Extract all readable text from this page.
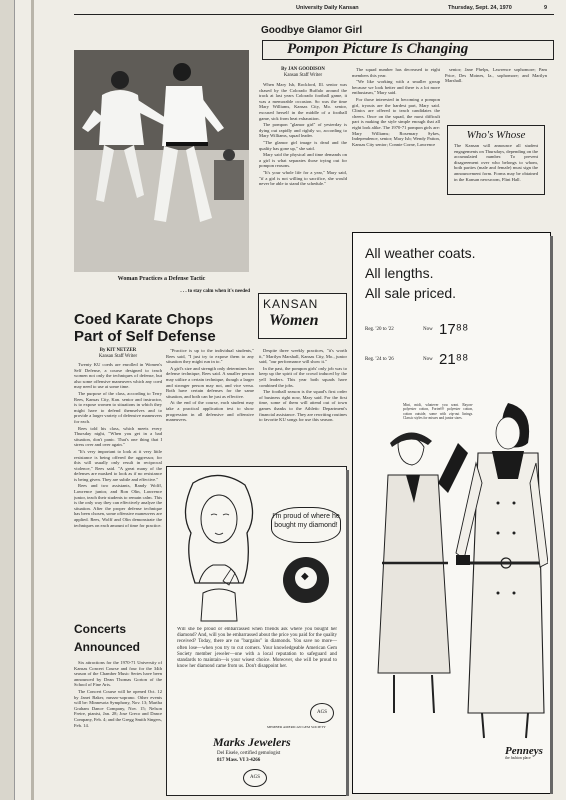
University Daily Kansan	Thursday, Sept. 24, 1970	9
Woman Practices a Defense Tactic
. . . to stay calm when it's needed
Goodbye Glamor Girl
Pompon Picture Is Changing
By JAN GOODISON
Kansan Staff Writer

When Mary Isb, Rockford, Ill. senior was chased by the Colorado Buffalo around the track at last years Colorado football game, it was a memorable occasion. So was the time Mary Williams, Kansas City, Mo. senior, excused herself in the middle of a football game, sick from heat exhaustion.

The pompon "glamor girl" of yesterday is dying out rapidly and rightly so, according to Mary Williams, squad leader.

"The glamor girl image is dead and the quality has gone up," she said.

Mary said the physical and time demands on a girl is what separates those trying out for pompon reasons.

"It's your whole life for a year," Mary said, "if a girl is not willing to sacrifice, she would never be able to stand the schedule."

The squad number has decreased to eight members this year.

"We like working with a smaller group because we look better and there is a lot more enthusiasm," Mary said.

For those interested in becoming a pompon girl, tryouts are the hardest part, Mary said. Clinics are offered to teach candidates the cheers. Once on the squad, the most difficult part is making the style simple enough that all eight look alike. The 1970-71 pompon girls are: Mary Williams; Rosemary Sykes, Independence, senior; Mary Isb; Wendy Patton, Kansas City senior; Connie Corne, Lawrence

senior; Jane Phelps, Lawrence sophomore; Pam Price, Des Moines, Ia., sophomore; and Marilyn Marshall.

Who's Whose
The Kansan will announce all student engagements on Thursdays, depending on the accumulated number. To prevent disagreement over who belongs to whom, both parties (male and female) must sign the announcement form. Forms may be obtained in the Kansan newsroom, Flint Hall.
KANSAN
Women

Despite three weekly practices, "it's worth it," Marilyn Marshall, Kansas City, Mo., junior said, "our performance will show it."

In the past, the pompon girls' only job was to keep up the spirit of the crowd induced by the yell leaders. This year both squads have combined the jobs.

The football season is the squad's first order of business right now, Mary said. For the first time, some of them will attend out of town games thanks to the Athletic Department's financial assistance. They are rewriting routines to favorite KU songs for use this season.

Coed Karate Chops
Part of Self Defense
By KIT NETZER
Kansan Staff Writer

Twenty KU coeds are enrolled in Women's Self Defense, a course designed to teach women not only the techniques of defense, but also some offensive maneuvers which any coed may need to use at some time.

The purpose of the class, according to Terry Rees, Kansas City, Kan. senior and instructor, is to expose women to situations in which they might have to defend themselves and to provide a larger variety of defensive maneuvers for each.

Rees told his class, which meets every Thursday night, "When you get in a bad situation, don't panic. That's one thing that I stress over and over again."

"It's very important to look at it very little resistance is being offered the aggressor, for this will usually only result in reciprocal violence," Rees said. "A great many of the defenses are masked to look as if no resistance is being given. They are subtle and effective."

Rees and two assistants, Randy Wolff, Lawrence junior, and Ron Olin, Lawrence junior, teach their students to remain calm. This is the only way they can effectively analyze the situation. After the proper defense technique has been chosen, some offensive maneuvers are applied. Rees, Wolff and Olin demonstrate the techniques on each amount of time for practice.

"Practice is up to the individual students," Rees said, "I just try to expose them to any situation they might run in to."

A girl's size and strength only determines her defense technique, Rees said. A smaller person may utilize a certain technique, though a larger and stronger person may not, and vice versa. Both have certain defenses for the same situation, and both can be just as effective.

At the end of the course, each student may take a practical application test to show progression in all defensive and offensive maneuvers.

Concerts
Announced

Six attractions for the 1970-71 University of Kansas Concert Course and four for the 34th season of the Chamber Music Series have been announced by Dean Thomas Gorton of the School of Fine Arts.

The Concert Course will be opened Oct. 12 by Janet Baker, mezzo-soprano. Other events will be: Minnesota Symphony, Nov. 13; Martha Graham Dance Company, Nov. 15; Nelson Freire, pianist, Jan. 28; Jose Greco and Dance Company, Feb. 4; and the Gregg Smith Singers, Feb. 14.

I'm proud of where he bought my diamond!
◆
Will she be proud or embarrassed when friends ask where you bought her diamond? And, will you be embarrassed about the price you paid for the quality received? Today, there are no "bargains" in diamonds. You save no more—often lose—when you try to cut corners. Your knowledgeable American Gem Society member jeweler—one with a local reputation to safeguard and standards to maintain—is your wisest choice. Moreover, she will be proud to know her diamond came from us. Don't disappoint her.
AGS
MEMBER AMERICAN GEM SOCIETY
Marks Jewelers
Del Eisele, certified gemologist
817 Mass. VI 3-4266
AGS
All weather coats.
All lengths.
All sale priced.
Reg. '20 to '22	Now 17⁸⁸
Reg. '24 to '26	Now 21⁸⁸
Mini, midi, whatever you want. Rayon-polyester cotton, Fortrel® polyester cotton, cotton outside, some with zip-out linings. Classic styles for misses and junior sizes.
Penneys
the fashion place
